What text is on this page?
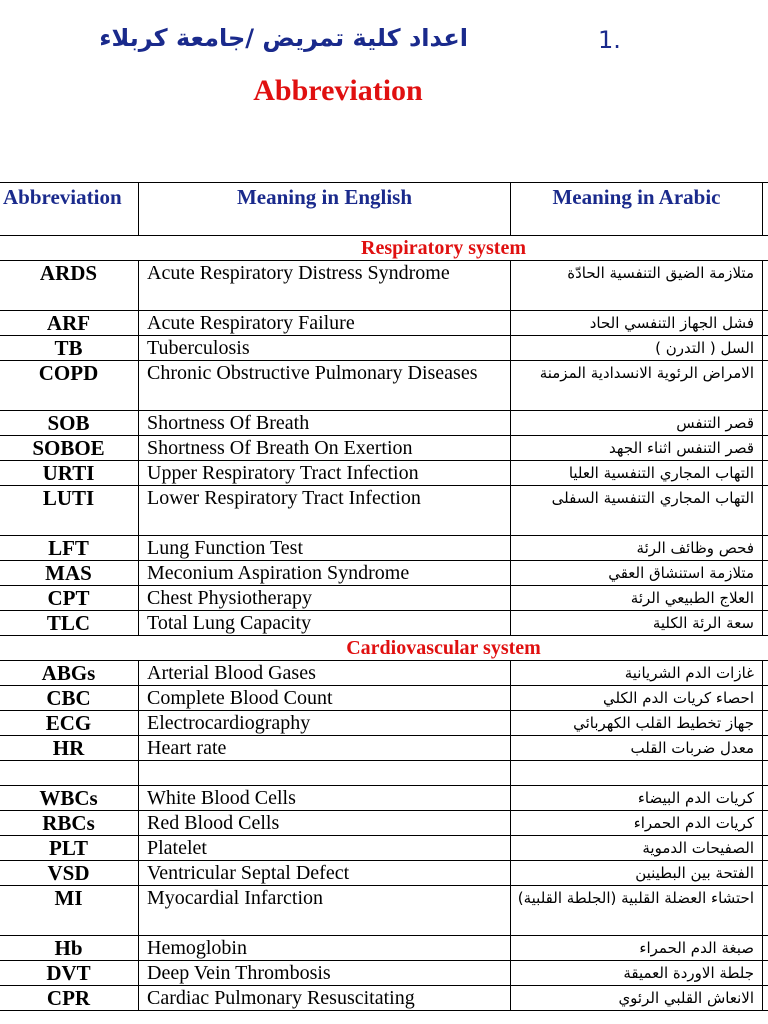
1.
اعداد كلية تمريض /جامعة كربلاء
Abbreviation
Abbreviation	Meaning in English	Meaning in Arabic	
Respiratory system			
ARDS	Acute Respiratory Distress Syndrome	متلازمة الضيق التنفسية الحادّة	
ARF	Acute Respiratory Failure	فشل الجهاز التنفسي الحاد	
TB	Tuberculosis	السل ( التدرن )	
COPD	Chronic Obstructive Pulmonary Diseases	الامراض الرئوية الانسدادية المزمنة	
SOB	Shortness Of Breath	قصر التنفس	
SOBOE	Shortness Of Breath On Exertion	قصر التنفس اثناء الجهد	
URTI	Upper Respiratory Tract Infection	التهاب المجاري التنفسية العليا	
LUTI	Lower Respiratory Tract Infection	التهاب المجاري التنفسية السفلى	
LFT	Lung Function Test	فحص وظائف الرئة	
MAS	Meconium Aspiration Syndrome	متلازمة استنشاق العقي	
CPT	Chest Physiotherapy	العلاج الطبيعي الرئة	
TLC	Total Lung Capacity	سعة الرئة الكلية	
Cardiovascular system			
ABGs	Arterial Blood Gases	غازات الدم الشريانية	
CBC	Complete Blood Count	احصاء كريات الدم الكلي	
ECG	Electrocardiography	جهاز تخطيط القلب الكهربائي	
HR	Heart rate	معدل ضربات القلب	

WBCs	White Blood Cells	كريات الدم البيضاء	
RBCs	Red Blood Cells	كريات الدم الحمراء	
PLT	Platelet	الصفيحات الدموية	
VSD	Ventricular Septal Defect	الفتحة بين البطينين	
MI	Myocardial Infarction	احتشاء العضلة القلبية (الجلطة القلبية)	
Hb	Hemoglobin	صبغة الدم الحمراء	
DVT	Deep Vein Thrombosis	جلطة الاوردة العميقة	
CPR	Cardiac Pulmonary Resuscitating	الانعاش القلبي الرئوي	
